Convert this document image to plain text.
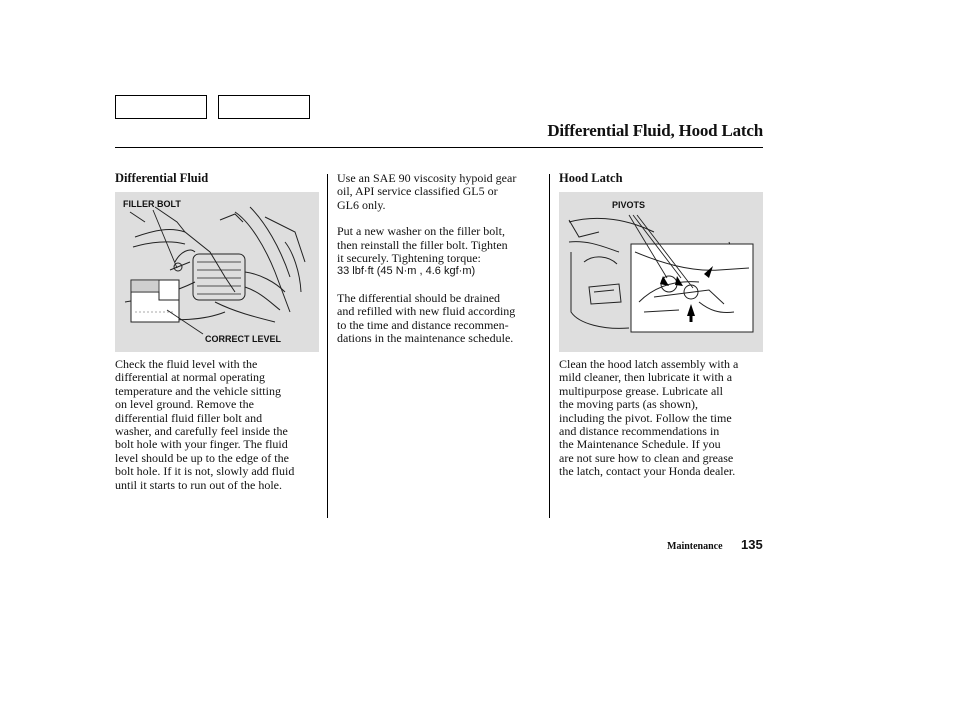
Differential Fluid, Hood Latch
Differential Fluid
FILLER BOLT
CORRECT LEVEL
Check the fluid level with the
differential at normal operating
temperature and the vehicle sitting
on level ground. Remove the
differential fluid filler bolt and
washer, and carefully feel inside the
bolt hole with your finger. The fluid
level should be up to the edge of the
bolt hole. If it is not, slowly add fluid
until it starts to run out of the hole.
Use an SAE 90 viscosity hypoid gear
oil, API service classified GL5 or
GL6 only.
Put a new washer on the filler bolt,
then reinstall the filler bolt. Tighten
it securely. Tightening torque:
33 lbf·ft (45 N·m , 4.6 kgf·m)
The differential should be drained
and refilled with new fluid according
to the time and distance recommen-
dations in the maintenance schedule.
Hood Latch
PIVOTS
Clean the hood latch assembly with a
mild cleaner, then lubricate it with a
multipurpose grease. Lubricate all
the moving parts (as shown),
including the pivot. Follow the time
and distance recommendations in
the Maintenance Schedule. If you
are not sure how to clean and grease
the latch, contact your Honda dealer.
Maintenance 135
